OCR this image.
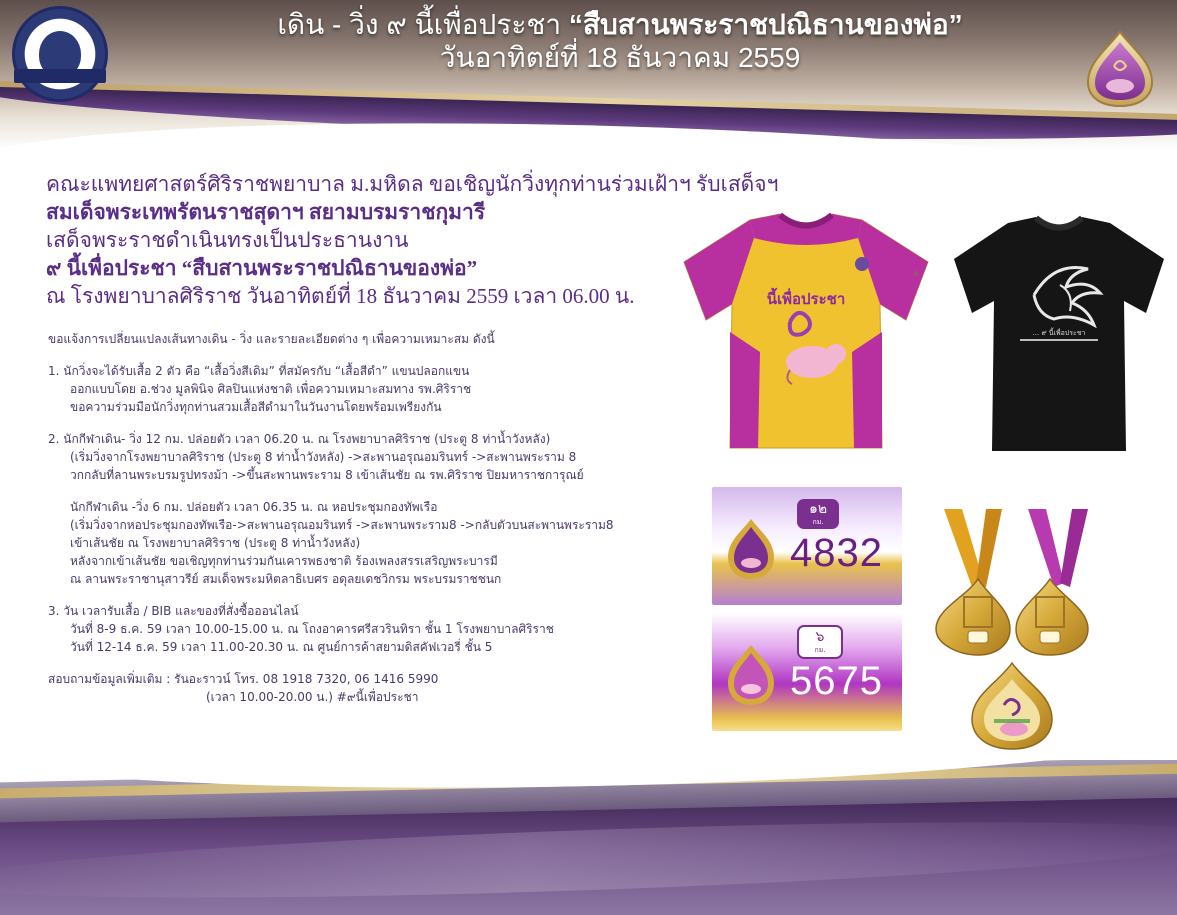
เดิน - วิ่ง ๙ นี้เพื่อประชา “สืบสานพระราชปณิธานของพ่อ”
วันอาทิตย์ที่ 18 ธันวาคม 2559
คณะแพทยศาสตร์ศิริราชพยาบาล ม.มหิดล ขอเชิญนักวิ่งทุกท่านร่วมเฝ้าฯ รับเสด็จฯ
สมเด็จพระเทพรัตนราชสุดาฯ สยามบรมราชกุมารี
เสด็จพระราชดำเนินทรงเป็นประธานงาน
๙ นี้เพื่อประชา “สืบสานพระราชปณิธานของพ่อ”
ณ โรงพยาบาลศิริราช วันอาทิตย์ที่ 18 ธันวาคม 2559 เวลา 06.00 น.
ขอแจ้งการเปลี่ยนแปลงเส้นทางเดิน - วิ่ง และรายละเอียดต่าง ๆ เพื่อความเหมาะสม ดังนี้
1. นักวิ่งจะได้รับเสื้อ 2 ตัว คือ “เสื้อวิ่งสีเดิม” ที่สมัครกับ “เสื้อสีดำ” แขนปลอกแขน
ออกแบบโดย อ.ช่วง มูลพินิจ ศิลปินแห่งชาติ เพื่อความเหมาะสมทาง รพ.ศิริราช
ขอความร่วมมือนักวิ่งทุกท่านสวมเสื้อสีดำมาในวันงานโดยพร้อมเพรียงกัน
2. นักกีฬาเดิน- วิ่ง 12 กม. ปล่อยตัว เวลา 06.20 น. ณ โรงพยาบาลศิริราช (ประตู 8 ท่าน้ำวังหลัง)
(เริ่มวิ่งจากโรงพยาบาลศิริราช (ประตู 8 ท่าน้ำวังหลัง) ->สะพานอรุณอมรินทร์ ->สะพานพระราม 8
วกกลับที่ลานพระบรมรูปทรงม้า ->ขึ้นสะพานพระราม 8 เข้าเส้นชัย ณ รพ.ศิริราช ปิยมหาราชการุณย์
นักกีฬาเดิน -วิ่ง 6 กม. ปล่อยตัว เวลา 06.35 น. ณ หอประชุมกองทัพเรือ
(เริ่มวิ่งจากหอประชุมกองทัพเรือ->สะพานอรุณอมรินทร์ ->สะพานพระราม8 ->กลับตัวบนสะพานพระราม8
เข้าเส้นชัย ณ โรงพยาบาลศิริราช (ประตู 8 ท่าน้ำวังหลัง)
หลังจากเข้าเส้นชัย ขอเชิญทุกท่านร่วมกันเคารพธงชาติ ร้องเพลงสรรเสริญพระบารมี
ณ ลานพระราชานุสาวรีย์ สมเด็จพระมหิตลาธิเบศร อดุลยเดชวิกรม พระบรมราชชนก
3. วัน เวลารับเสื้อ / BIB และของที่สั่งซื้อออนไลน์
วันที่ 8-9 ธ.ค. 59 เวลา 10.00-15.00 น. ณ โถงอาคารศรีสวรินทิรา ชั้น 1 โรงพยาบาลศิริราช
วันที่ 12-14 ธ.ค. 59 เวลา 11.00-20.30 น. ณ ศูนย์การค้าสยามดิสคัฟเวอรี่ ชั้น 5
สอบถามข้อมูลเพิ่มเติม : รันอะราวน์ โทร. 08 1918 7320, 06 1416 5990
(เวลา 10.00-20.00 น.) #๙นี้เพื่อประชา
นี้เพื่อประชา
R
... ๙ นี้เพื่อประชา
๑๒
กม.
4832
๖
กม.
5675
